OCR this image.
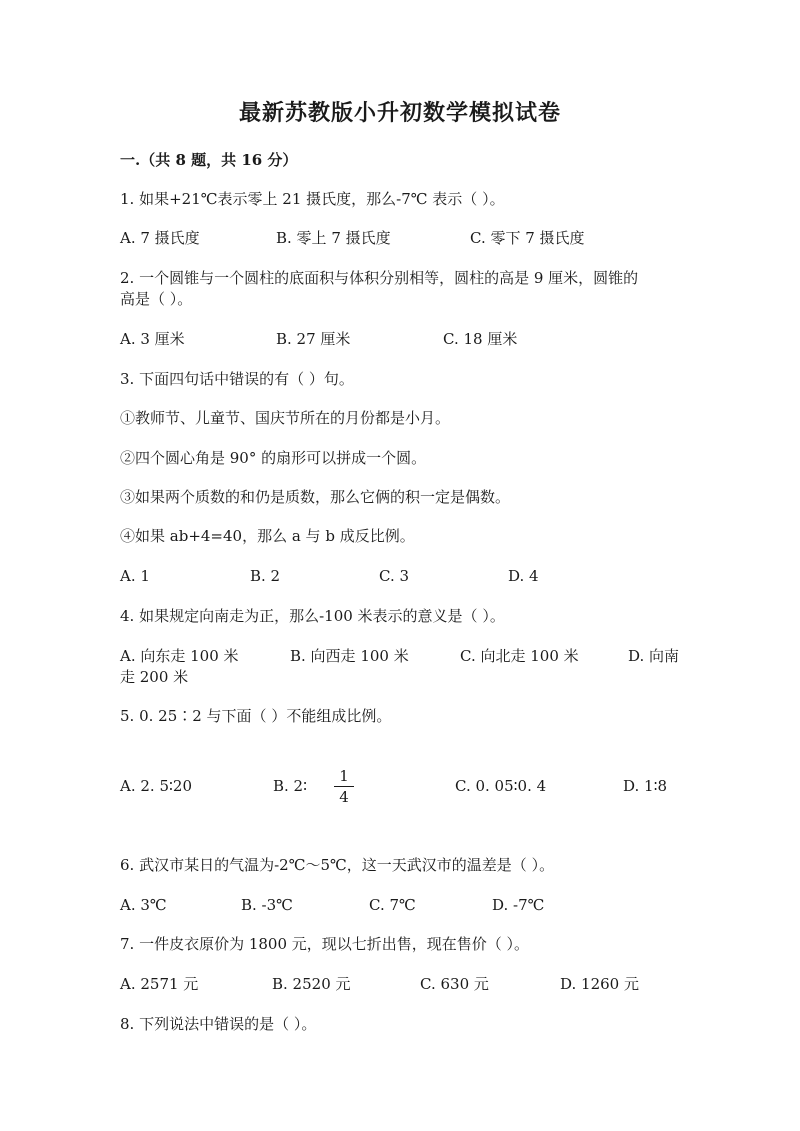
最新苏教版小升初数学模拟试卷
一.（共 8 题，共 16 分）
1. 如果+21℃表示零上 21 摄氏度，那么-7℃ 表示（ ）。
A. 7 摄氏度	B. 零上 7 摄氏度	C. 零下 7 摄氏度
2. 一个圆锥与一个圆柱的底面积与体积分别相等，圆柱的高是 9 厘米，圆锥的
高是（ ）。
A. 3 厘米	B. 27 厘米	C. 18 厘米
3. 下面四句话中错误的有（ ）句。
①教师节、儿童节、国庆节所在的月份都是小月。
②四个圆心角是 90° 的扇形可以拼成一个圆。
③如果两个质数的和仍是质数，那么它俩的积一定是偶数。
④如果 ab+4=40，那么 a 与 b 成反比例。
A. 1	B. 2	C. 3	D. 4
4. 如果规定向南走为正，那么-100 米表示的意义是（ ）。
A. 向东走 100 米	B. 向西走 100 米	C. 向北走 100 米	D. 向南
走 200 米
5. 0. 25∶2 与下面（ ）不能组成比例。
A. 2. 5∶20	B. 2∶ $\frac{1}{4}$	C. 0. 05∶0. 4	D. 1∶8
6. 武汉市某日的气温为-2℃～5℃，这一天武汉市的温差是（ ）。
A. 3℃	B. -3℃	C. 7℃	D. -7℃
7. 一件皮衣原价为 1800 元，现以七折出售，现在售价（ ）。
A. 2571 元	B. 2520 元	C. 630 元	D. 1260 元
8. 下列说法中错误的是（ ）。
